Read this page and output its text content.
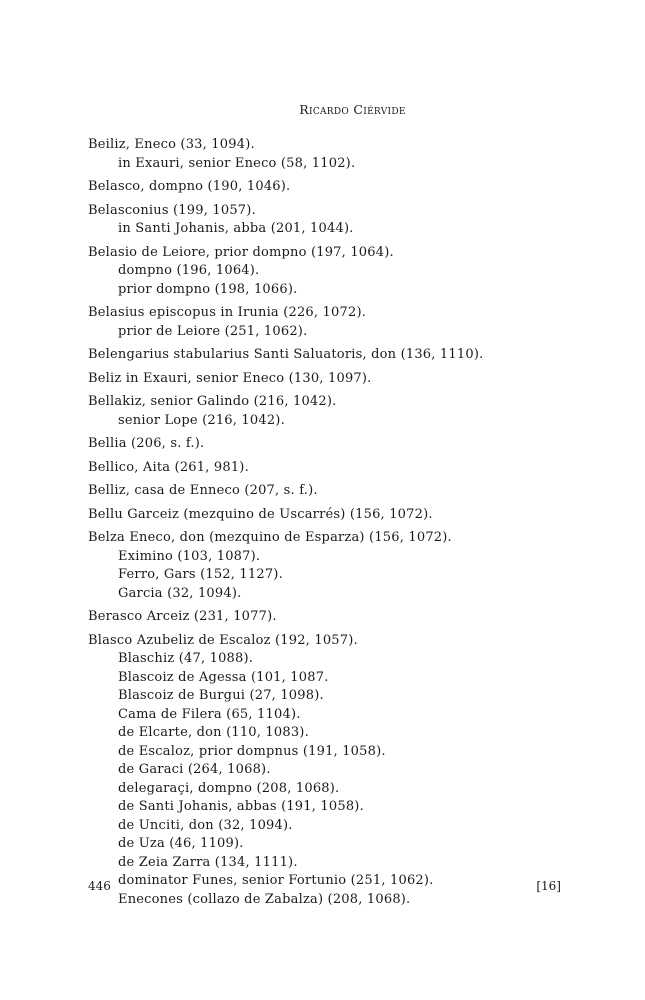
Ricardo Ciérvide
Beiliz, Eneco (33, 1094).
in Exauri, senior Eneco (58, 1102).
Belasco, dompno (190, 1046).
Belasconius (199, 1057).
in Santi Johanis, abba (201, 1044).
Belasio de Leiore, prior dompno (197, 1064).
dompno (196, 1064).
prior dompno (198, 1066).
Belasius episcopus in Irunia (226, 1072).
prior de Leiore (251, 1062).
Belengarius stabularius Santi Saluatoris, don (136, 1110).
Beliz in Exauri, senior Eneco (130, 1097).
Bellakiz, senior Galindo (216, 1042).
senior Lope (216, 1042).
Bellia (206, s. f.).
Bellico, Aita (261, 981).
Belliz, casa de Enneco (207, s. f.).
Bellu Garceiz (mezquino de Uscarrés) (156, 1072).
Belza Eneco, don (mezquino de Esparza) (156, 1072).
Eximino (103, 1087).
Ferro, Gars (152, 1127).
Garcia (32, 1094).
Berasco Arceiz (231, 1077).
Blasco Azubeliz de Escaloz (192, 1057).
Blaschiz (47, 1088).
Blascoiz de Agessa (101, 1087.
Blascoiz de Burgui (27, 1098).
Cama de Filera (65, 1104).
de Elcarte, don (110, 1083).
de Escaloz, prior dompnus (191, 1058).
de Garaci (264, 1068).
delegaraçi, dompno (208, 1068).
de Santi Johanis, abbas (191, 1058).
de Unciti, don (32, 1094).
de Uza (46, 1109).
de Zeia Zarra (134, 1111).
dominator Funes, senior Fortunio (251, 1062).
Enecones (collazo de Zabalza) (208, 1068).
446	[16]
